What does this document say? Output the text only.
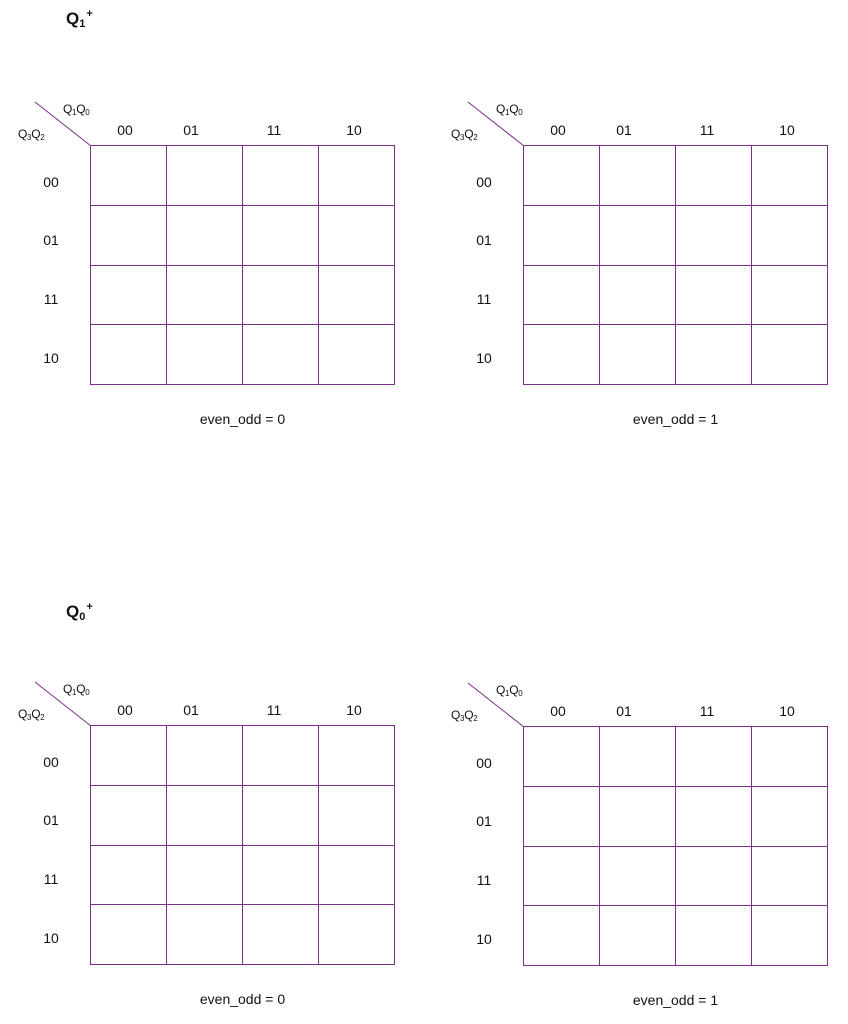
$Q_1^+$
$Q_0^+$
$Q_1Q_0$
$Q_3Q_2$	00	01	11	10
00
01
11
10

even_odd = 0
$Q_1Q_0$
$Q_3Q_2$	00	01	11	10
00
01
11
10

even_odd = 1
$Q_1Q_0$
$Q_3Q_2$	00	01	11	10
00
01
11
10

even_odd = 0
$Q_1Q_0$
$Q_3Q_2$	00	01	11	10
00
01
11
10

even_odd = 1
